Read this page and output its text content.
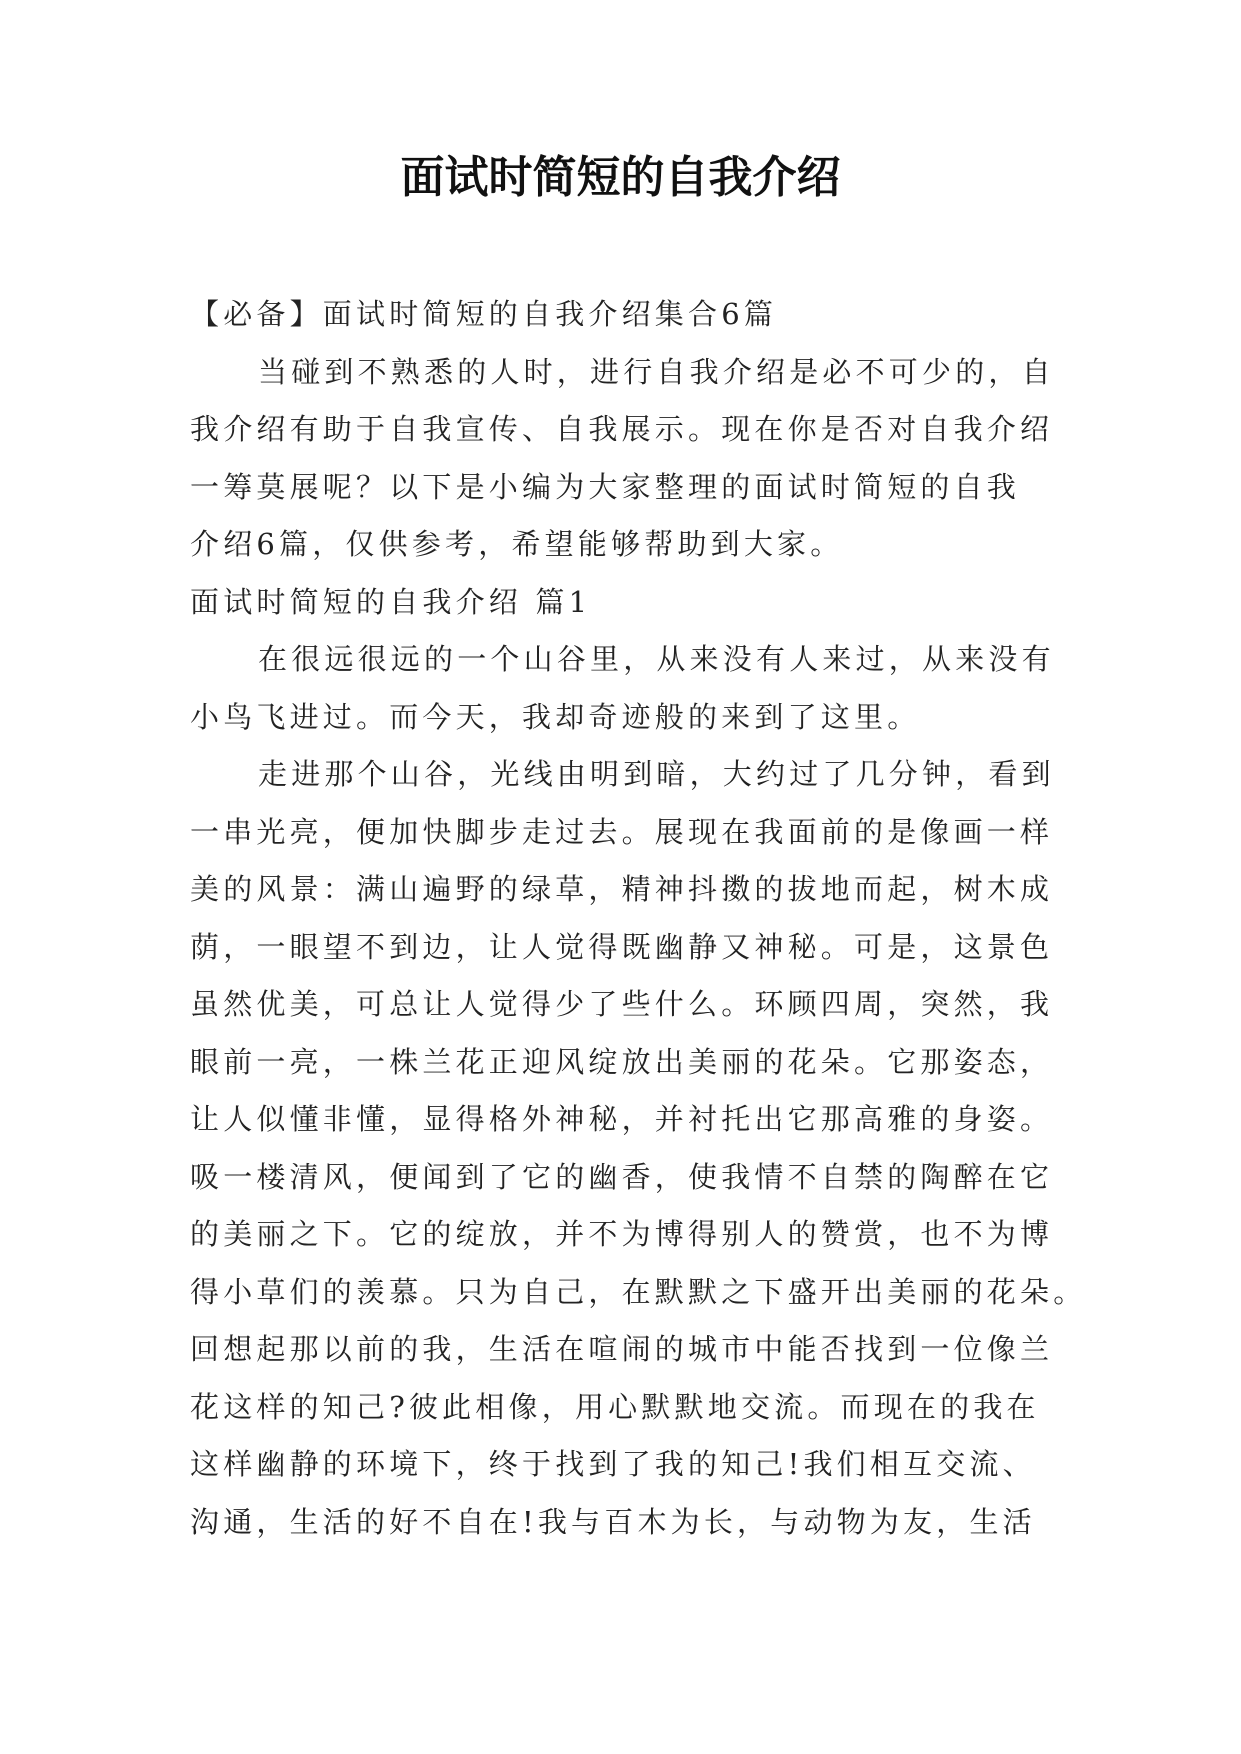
面试时简短的自我介绍

【必备】面试时简短的自我介绍集合6篇

当碰到不熟悉的人时，进行自我介绍是必不可少的，自

我介绍有助于自我宣传、自我展示。现在你是否对自我介绍

一筹莫展呢？以下是小编为大家整理的面试时简短的自我

介绍6篇，仅供参考，希望能够帮助到大家。

面试时简短的自我介绍 篇1

在很远很远的一个山谷里，从来没有人来过，从来没有

小鸟飞进过。而今天，我却奇迹般的来到了这里。

走进那个山谷，光线由明到暗，大约过了几分钟，看到

一串光亮，便加快脚步走过去。展现在我面前的是像画一样

美的风景：满山遍野的绿草，精神抖擞的拔地而起，树木成

荫，一眼望不到边，让人觉得既幽静又神秘。可是，这景色

虽然优美，可总让人觉得少了些什么。环顾四周，突然，我

眼前一亮，一株兰花正迎风绽放出美丽的花朵。它那姿态，

让人似懂非懂，显得格外神秘，并衬托出它那高雅的身姿。

吸一楼清风，便闻到了它的幽香，使我情不自禁的陶醉在它

的美丽之下。它的绽放，并不为博得别人的赞赏，也不为博

得小草们的羡慕。只为自己，在默默之下盛开出美丽的花朵。

回想起那以前的我，生活在喧闹的城市中能否找到一位像兰

花这样的知己?彼此相像，用心默默地交流。而现在的我在

这样幽静的环境下，终于找到了我的知己!我们相互交流、

沟通，生活的好不自在!我与百木为长，与动物为友，生活
